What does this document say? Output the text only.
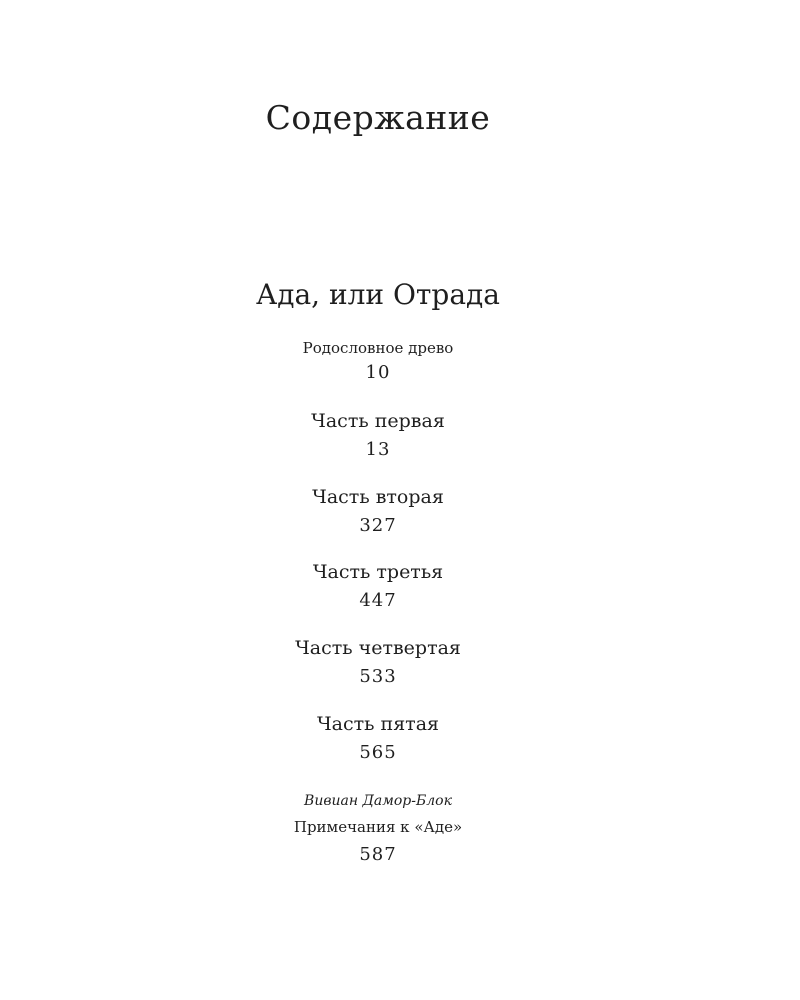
Содержание
Ада, или Отрада
Родословное древо
10
Часть первая
13
Часть вторая
327
Часть третья
447
Часть четвертая
533
Часть пятая
565
Вивиан Дамор-Блок
Примечания к «Аде»
587
